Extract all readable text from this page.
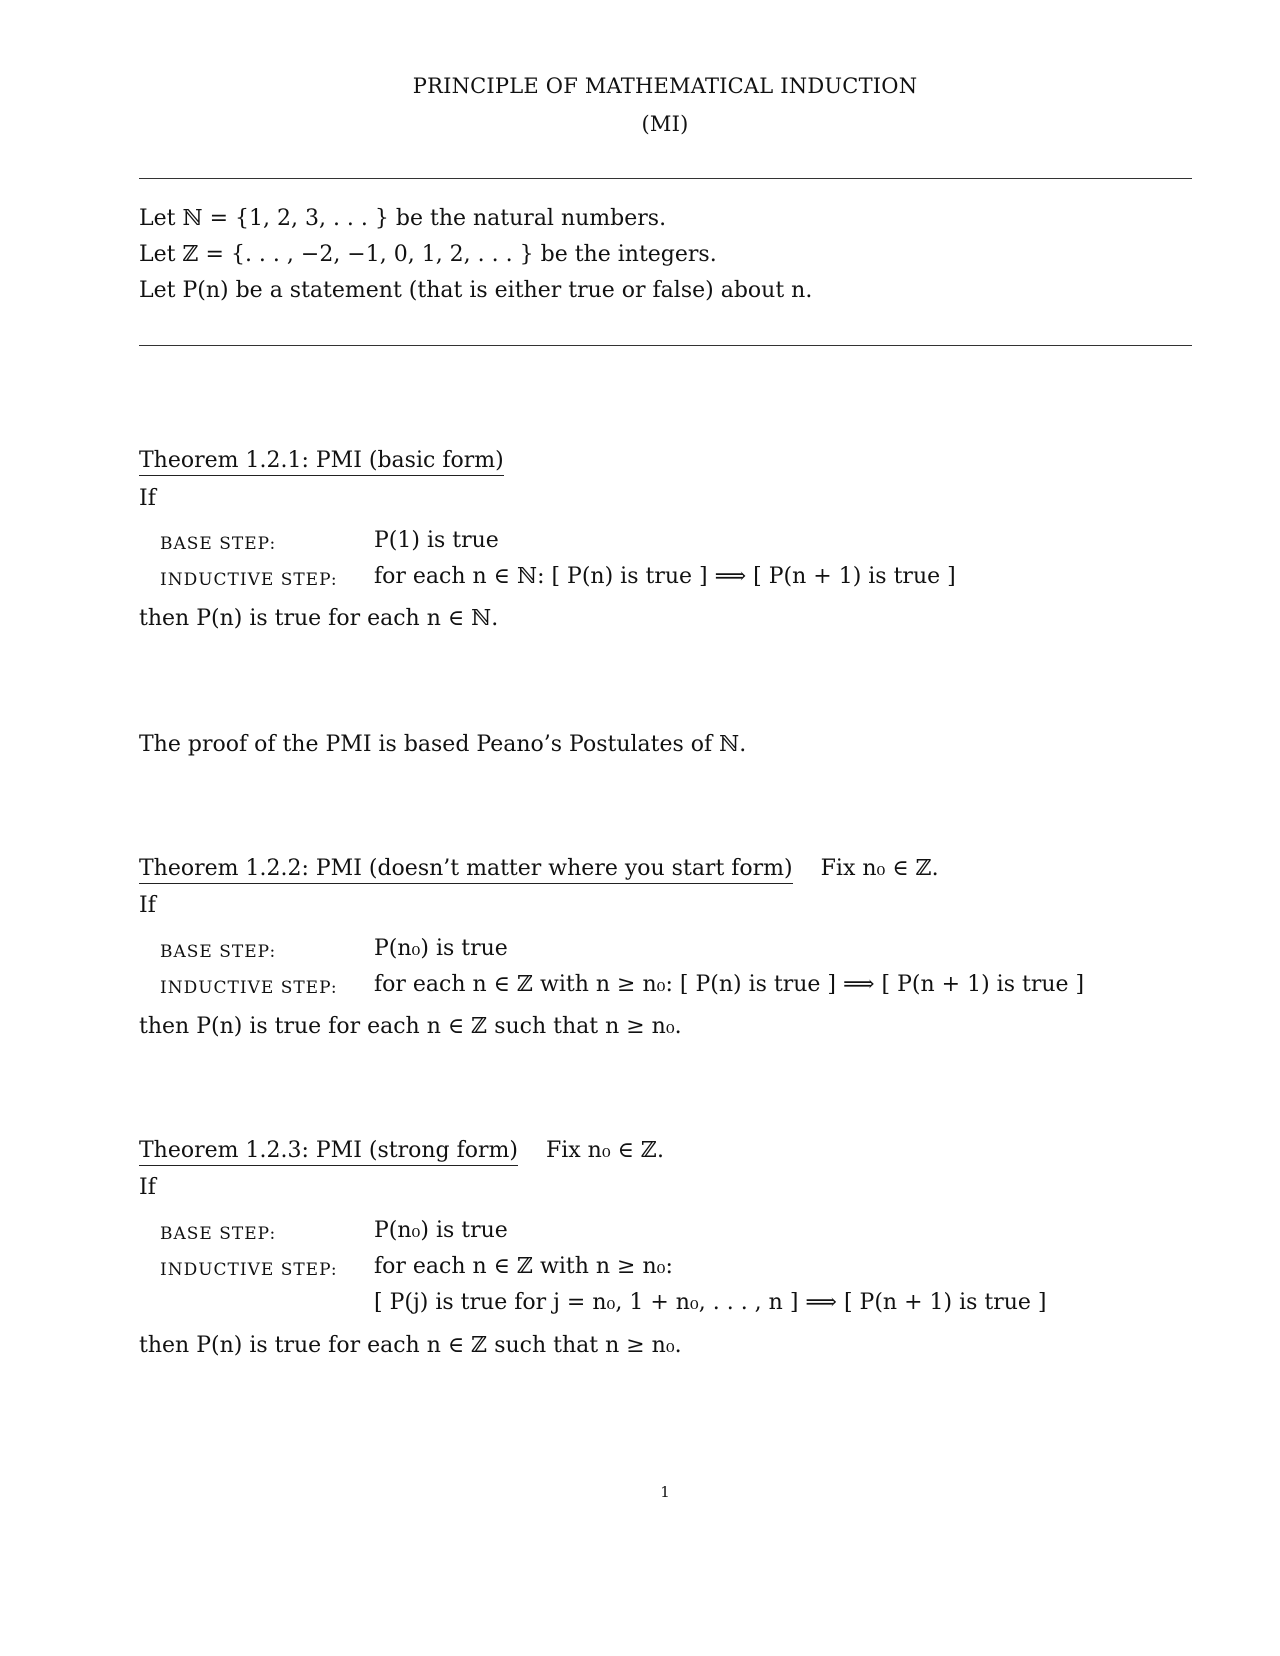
PRINCIPLE OF MATHEMATICAL INDUCTION
(MI)
Let ℕ = {1, 2, 3, . . . } be the natural numbers.
Let ℤ = {. . . , −2, −1, 0, 1, 2, . . . } be the integers.
Let P(n) be a statement (that is either true or false) about n.
Theorem 1.2.1: PMI (basic form)
If
BASE STEP:	P(1) is true
INDUCTIVE STEP: for each n ∈ ℕ: [ P(n) is true ] ⟹ [ P(n + 1) is true ]
then P(n) is true for each n ∈ ℕ.
The proof of the PMI is based Peano’s Postulates of ℕ.
Theorem 1.2.2: PMI (doesn’t matter where you start form) Fix n₀ ∈ ℤ.
If
BASE STEP:	P(n₀) is true
INDUCTIVE STEP: for each n ∈ ℤ with n ≥ n₀: [ P(n) is true ] ⟹ [ P(n + 1) is true ]
then P(n) is true for each n ∈ ℤ such that n ≥ n₀.
Theorem 1.2.3: PMI (strong form) Fix n₀ ∈ ℤ.
If
BASE STEP:	P(n₀) is true
INDUCTIVE STEP: for each n ∈ ℤ with n ≥ n₀:
[ P(j) is true for j = n₀, 1 + n₀, . . . , n ] ⟹ [ P(n + 1) is true ]
then P(n) is true for each n ∈ ℤ such that n ≥ n₀.
1
